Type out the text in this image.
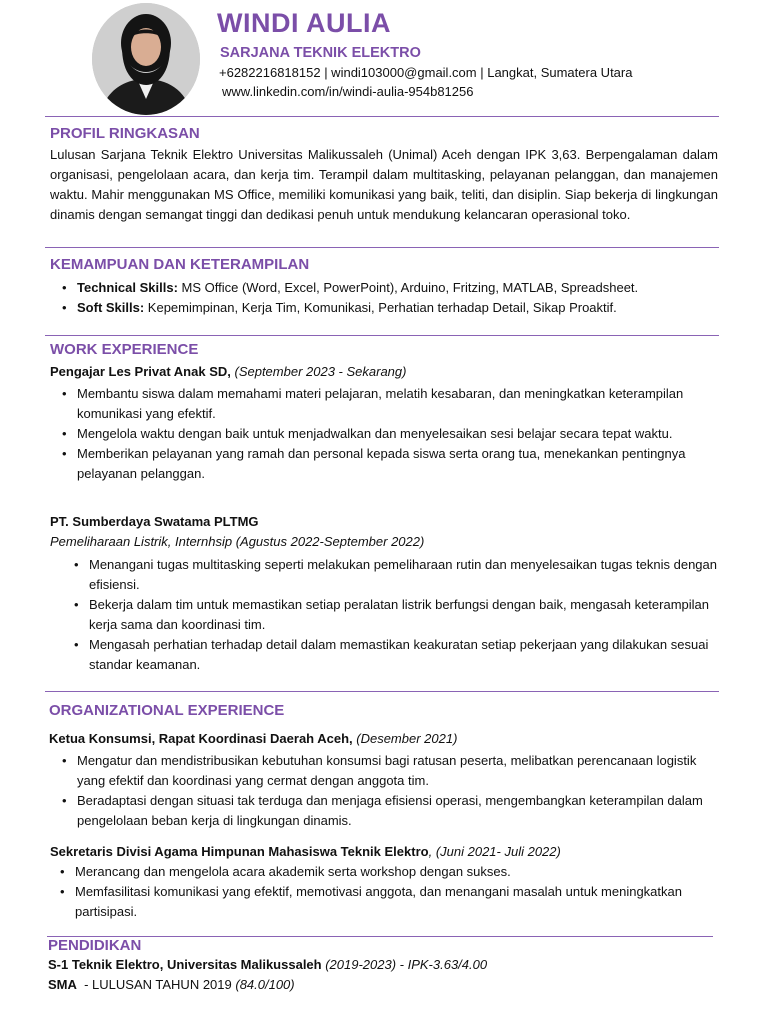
WINDI AULIA
SARJANA TEKNIK ELEKTRO
+6282216818152 | windi103000@gmail.com | Langkat, Sumatera Utara
www.linkedin.com/in/windi-aulia-954b81256
PROFIL RINGKASAN
Lulusan Sarjana Teknik Elektro Universitas Malikussaleh (Unimal) Aceh dengan IPK 3,63. Berpengalaman dalam organisasi, pengelolaan acara, dan kerja tim. Terampil dalam multitasking, pelayanan pelanggan, dan manajemen waktu. Mahir menggunakan MS Office, memiliki komunikasi yang baik, teliti, dan disiplin. Siap bekerja di lingkungan dinamis dengan semangat tinggi dan dedikasi penuh untuk mendukung kelancaran operasional toko.
KEMAMPUAN DAN KETERAMPILAN
• Technical Skills: MS Office (Word, Excel, PowerPoint), Arduino, Fritzing, MATLAB, Spreadsheet.
• Soft Skills: Kepemimpinan, Kerja Tim, Komunikasi, Perhatian terhadap Detail, Sikap Proaktif.
WORK EXPERIENCE
Pengajar Les Privat Anak SD, (September 2023 - Sekarang)
• Membantu siswa dalam memahami materi pelajaran, melatih kesabaran, dan meningkatkan keterampilan komunikasi yang efektif.
• Mengelola waktu dengan baik untuk menjadwalkan dan menyelesaikan sesi belajar secara tepat waktu.
• Memberikan pelayanan yang ramah dan personal kepada siswa serta orang tua, menekankan pentingnya pelayanan pelanggan.
PT. Sumberdaya Swatama PLTMG
Pemeliharaan Listrik, Internhsip (Agustus 2022-September 2022)
• Menangani tugas multitasking seperti melakukan pemeliharaan rutin dan menyelesaikan tugas teknis dengan efisiensi.
• Bekerja dalam tim untuk memastikan setiap peralatan listrik berfungsi dengan baik, mengasah keterampilan kerja sama dan koordinasi tim.
• Mengasah perhatian terhadap detail dalam memastikan keakuratan setiap pekerjaan yang dilakukan sesuai standar keamanan.
ORGANIZATIONAL EXPERIENCE
Ketua Konsumsi, Rapat Koordinasi Daerah Aceh, (Desember 2021)
• Mengatur dan mendistribusikan kebutuhan konsumsi bagi ratusan peserta, melibatkan perencanaan logistik yang efektif dan koordinasi yang cermat dengan anggota tim.
• Beradaptasi dengan situasi tak terduga dan menjaga efisiensi operasi, mengembangkan keterampilan dalam pengelolaan beban kerja di lingkungan dinamis.
Sekretaris Divisi Agama Himpunan Mahasiswa Teknik Elektro, (Juni 2021- Juli 2022)
• Merancang dan mengelola acara akademik serta workshop dengan sukses.
• Memfasilitasi komunikasi yang efektif, memotivasi anggota, dan menangani masalah untuk meningkatkan partisipasi.
PENDIDIKAN
S-1 Teknik Elektro, Universitas Malikussaleh (2019-2023) - IPK-3.63/4.00
SMA  - LULUSAN TAHUN 2019 (84.0/100)
